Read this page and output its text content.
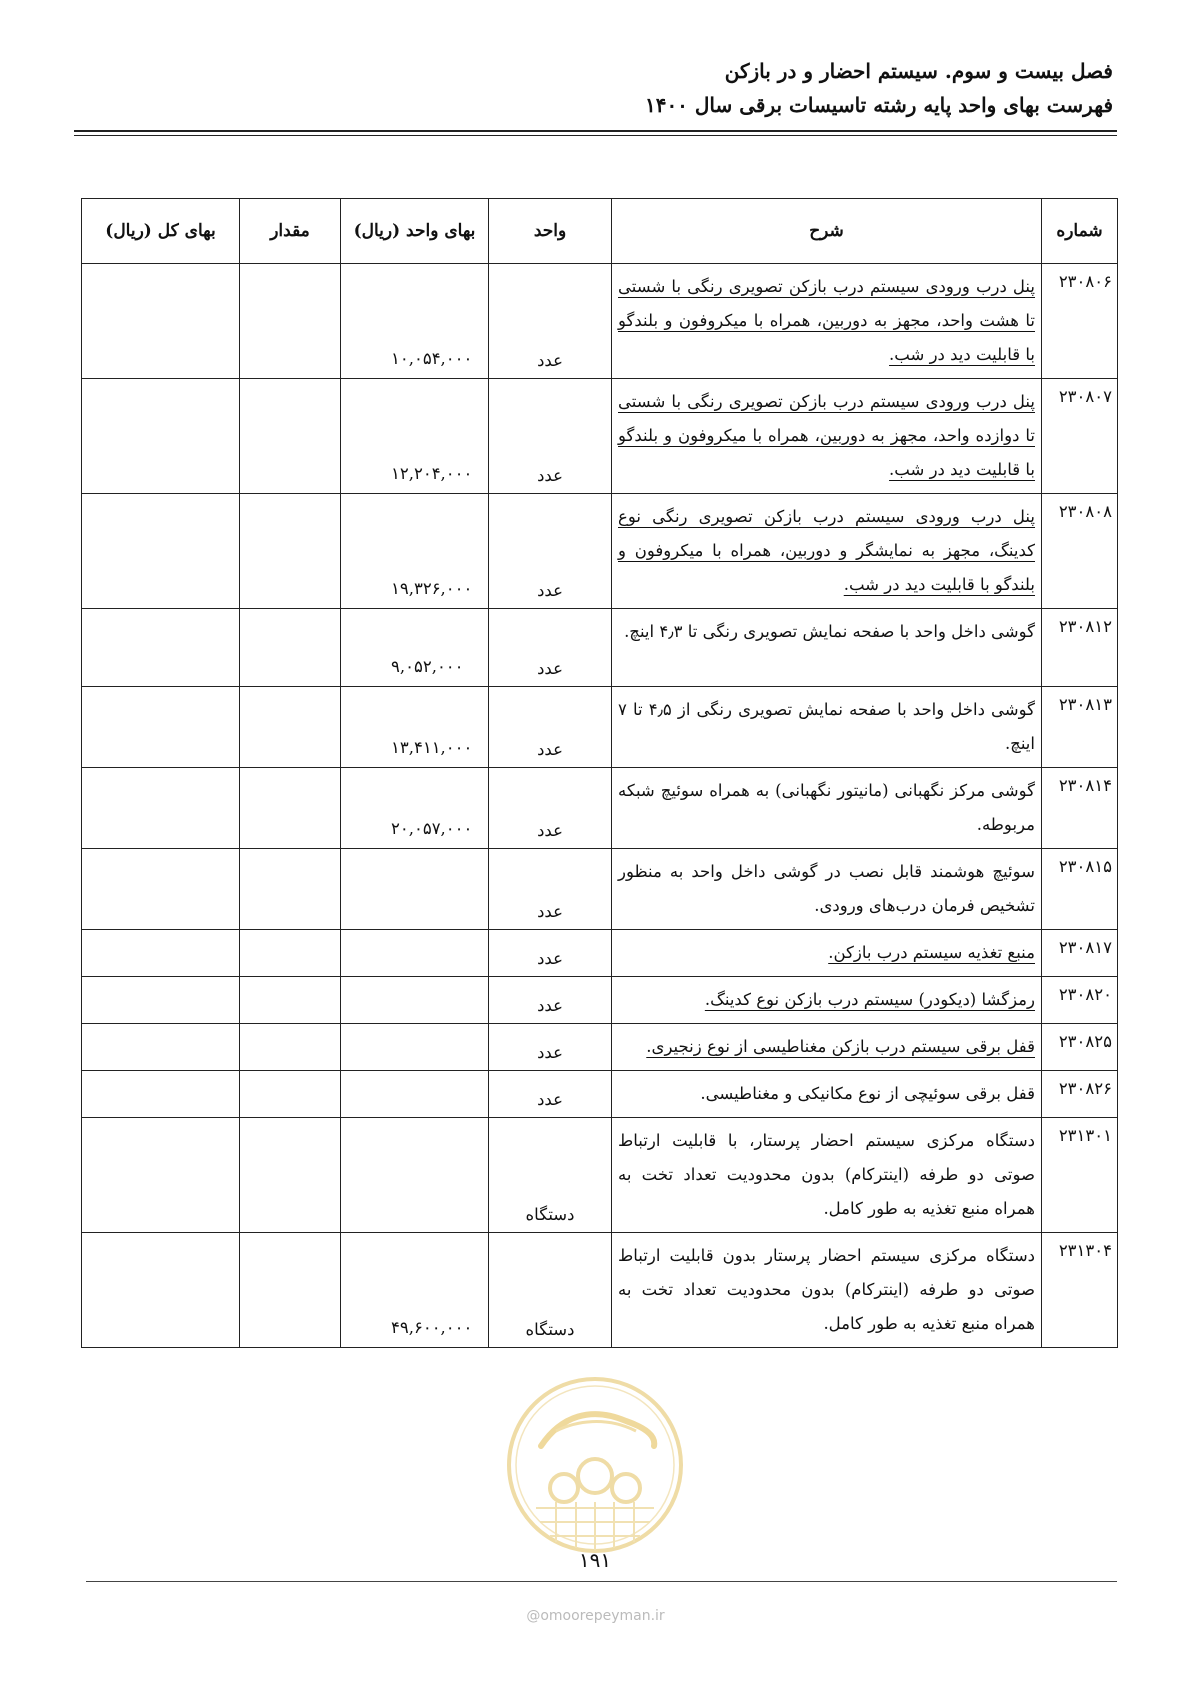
فصل بیست و سوم. سیستم احضار و در بازکن
فهرست بهای واحد پایه رشته تاسیسات برقی سال ۱۴۰۰
شماره	شرح	واحد	بهای واحد (ریال)	مقدار	بهای کل (ریال)
۲۳۰۸۰۶	پنل درب ورودی سیستم درب بازکن تصویری رنگی با شستی تا هشت واحد، مجهز به دوربین، همراه با میکروفون و بلندگو با قابلیت دید در شب.	عدد	۱۰,۰۵۴,۰۰۰		
۲۳۰۸۰۷	پنل درب ورودی سیستم درب بازکن تصویری رنگی با شستی تا دوازده واحد، مجهز به دوربین، همراه با میکروفون و بلندگو با قابلیت دید در شب.	عدد	۱۲,۲۰۴,۰۰۰		
۲۳۰۸۰۸	پنل درب ورودی سیستم درب بازکن تصویری رنگی نوع کدینگ، مجهز به نمایشگر و دوربین، همراه با میکروفون و بلندگو با قابلیت دید در شب.	عدد	۱۹,۳۲۶,۰۰۰		
۲۳۰۸۱۲	گوشی داخل واحد با صفحه نمایش تصویری رنگی تا ۴٫۳ اینچ.	عدد	۹,۰۵۲,۰۰۰		
۲۳۰۸۱۳	گوشی داخل واحد با صفحه نمایش تصویری رنگی از ۴٫۵ تا ۷ اینچ.	عدد	۱۳,۴۱۱,۰۰۰		
۲۳۰۸۱۴	گوشی مرکز نگهبانی (مانیتور نگهبانی) به همراه سوئیچ شبکه مربوطه.	عدد	۲۰,۰۵۷,۰۰۰		
۲۳۰۸۱۵	سوئیچ هوشمند قابل نصب در گوشی داخل واحد به منظور تشخیص فرمان درب‌های ورودی.	عدد			
۲۳۰۸۱۷	منبع تغذیه سیستم درب بازکن.	عدد			
۲۳۰۸۲۰	رمزگشا (دیکودر) سیستم درب بازکن نوع کدینگ.	عدد			
۲۳۰۸۲۵	قفل برقی سیستم درب بازکن مغناطیسی از نوع زنجیری.	عدد			
۲۳۰۸۲۶	قفل برقی سوئیچی از نوع مکانیکی و مغناطیسی.	عدد			
۲۳۱۳۰۱	دستگاه مرکزی سیستم احضار پرستار، با قابلیت ارتباط صوتی دو طرفه (اینترکام) بدون محدودیت تعداد تخت به همراه منبع تغذیه به طور کامل.	دستگاه			
۲۳۱۳۰۴	دستگاه مرکزی سیستم احضار پرستار بدون قابلیت ارتباط صوتی دو طرفه (اینترکام) بدون محدودیت تعداد تخت به همراه منبع تغذیه به طور کامل.	دستگاه	۴۹,۶۰۰,۰۰۰		
۱۹۱
@omoorepeyman.ir
